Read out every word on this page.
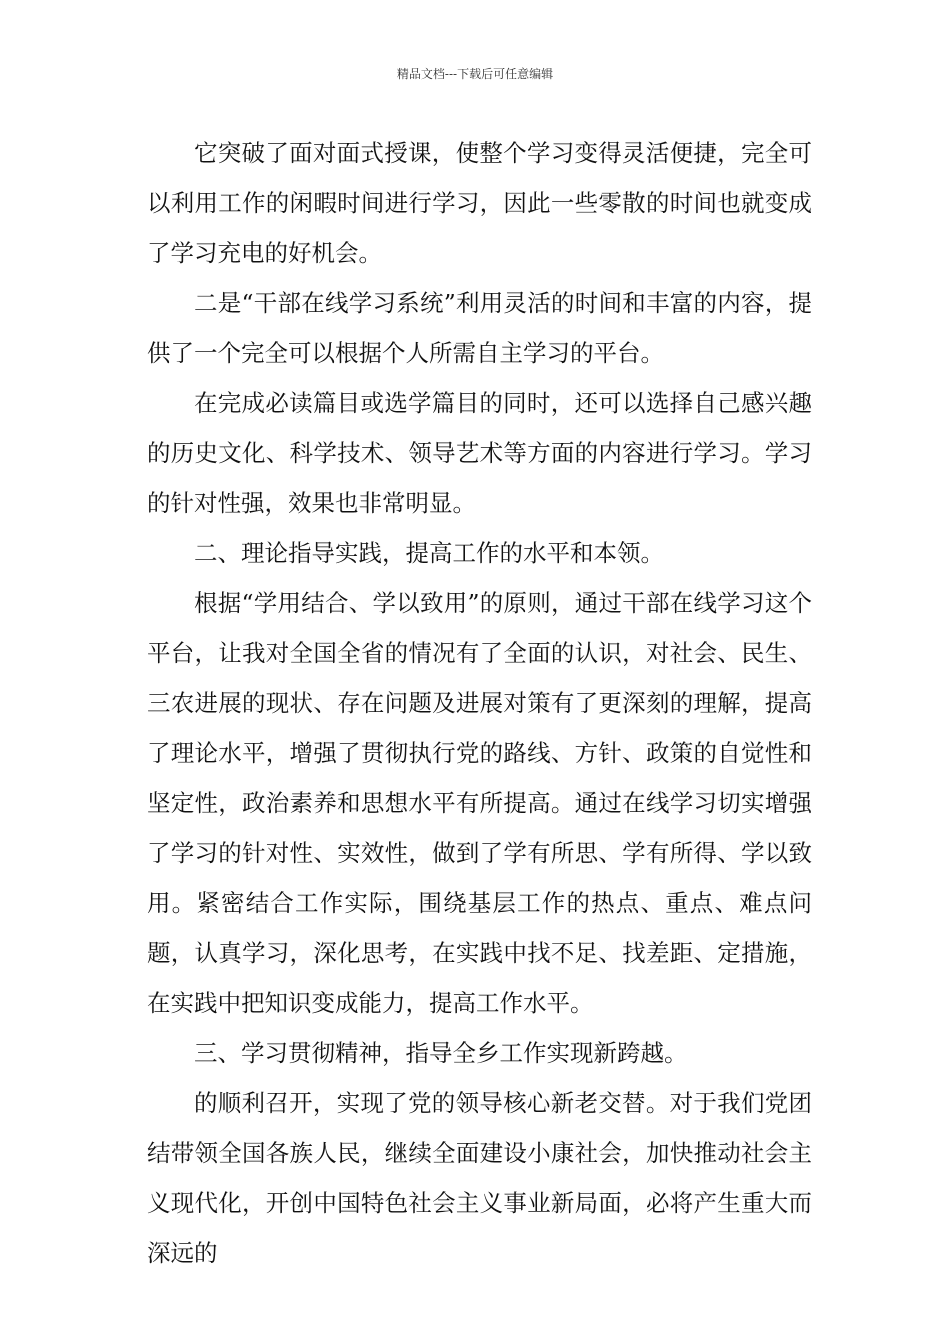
精品文档---下载后可任意编辑

它突破了面对面式授课，使整个学习变得灵活便捷，完全可以利用工作的闲暇时间进行学习，因此一些零散的时间也就变成了学习充电的好机会。

二是“干部在线学习系统”利用灵活的时间和丰富的内容，提供了一个完全可以根据个人所需自主学习的平台。

在完成必读篇目或选学篇目的同时，还可以选择自己感兴趣的历史文化、科学技术、领导艺术等方面的内容进行学习。学习的针对性强，效果也非常明显。

二、理论指导实践，提高工作的水平和本领。

根据“学用结合、学以致用”的原则，通过干部在线学习这个平台，让我对全国全省的情况有了全面的认识，对社会、民生、三农进展的现状、存在问题及进展对策有了更深刻的理解，提高了理论水平，增强了贯彻执行党的路线、方针、政策的自觉性和坚定性，政治素养和思想水平有所提高。通过在线学习切实增强了学习的针对性、实效性，做到了学有所思、学有所得、学以致用。紧密结合工作实际，围绕基层工作的热点、重点、难点问题，认真学习，深化思考，在实践中找不足、找差距、定措施，在实践中把知识变成能力，提高工作水平。

三、学习贯彻精神，指导全乡工作实现新跨越。

的顺利召开，实现了党的领导核心新老交替。对于我们党团结带领全国各族人民，继续全面建设小康社会，加快推动社会主义现代化，开创中国特色社会主义事业新局面，必将产生重大而深远的
